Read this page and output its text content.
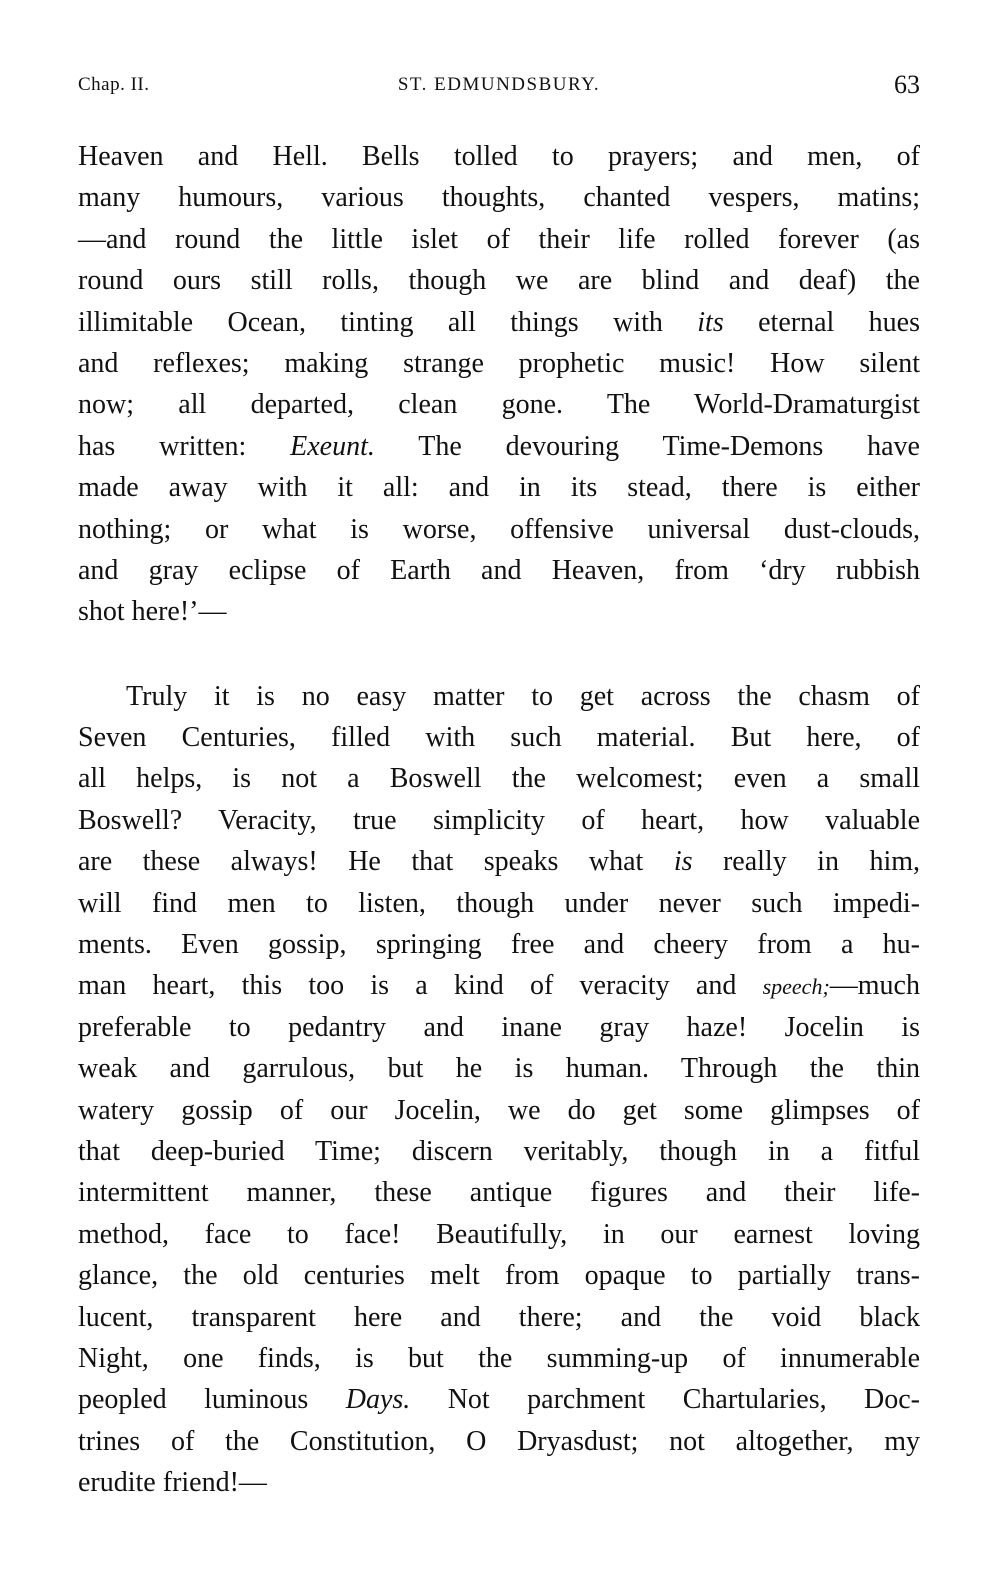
Chap. II.	ST. EDMUNDSBURY.	63
Heaven and Hell. Bells tolled to prayers; and men, of
many humours, various thoughts, chanted vespers, matins;
—and round the little islet of their life rolled forever (as
round ours still rolls, though we are blind and deaf) the
illimitable Ocean, tinting all things with its eternal hues
and reflexes; making strange prophetic music! How silent
now; all departed, clean gone. The World-Dramaturgist
has written: Exeunt. The devouring Time-Demons have
made away with it all: and in its stead, there is either
nothing; or what is worse, offensive universal dust-clouds,
and gray eclipse of Earth and Heaven, from ‘dry rubbish
shot here!’—
Truly it is no easy matter to get across the chasm of
Seven Centuries, filled with such material. But here, of
all helps, is not a Boswell the welcomest; even a small
Boswell? Veracity, true simplicity of heart, how valuable
are these always! He that speaks what is really in him,
will find men to listen, though under never such impedi-
ments. Even gossip, springing free and cheery from a hu-
man heart, this too is a kind of veracity and speech;—much
preferable to pedantry and inane gray haze! Jocelin is
weak and garrulous, but he is human. Through the thin
watery gossip of our Jocelin, we do get some glimpses of
that deep-buried Time; discern veritably, though in a fitful
intermittent manner, these antique figures and their life-
method, face to face! Beautifully, in our earnest loving
glance, the old centuries melt from opaque to partially trans-
lucent, transparent here and there; and the void black
Night, one finds, is but the summing-up of innumerable
peopled luminous Days. Not parchment Chartularies, Doc-
trines of the Constitution, O Dryasdust; not altogether, my
erudite friend!—
